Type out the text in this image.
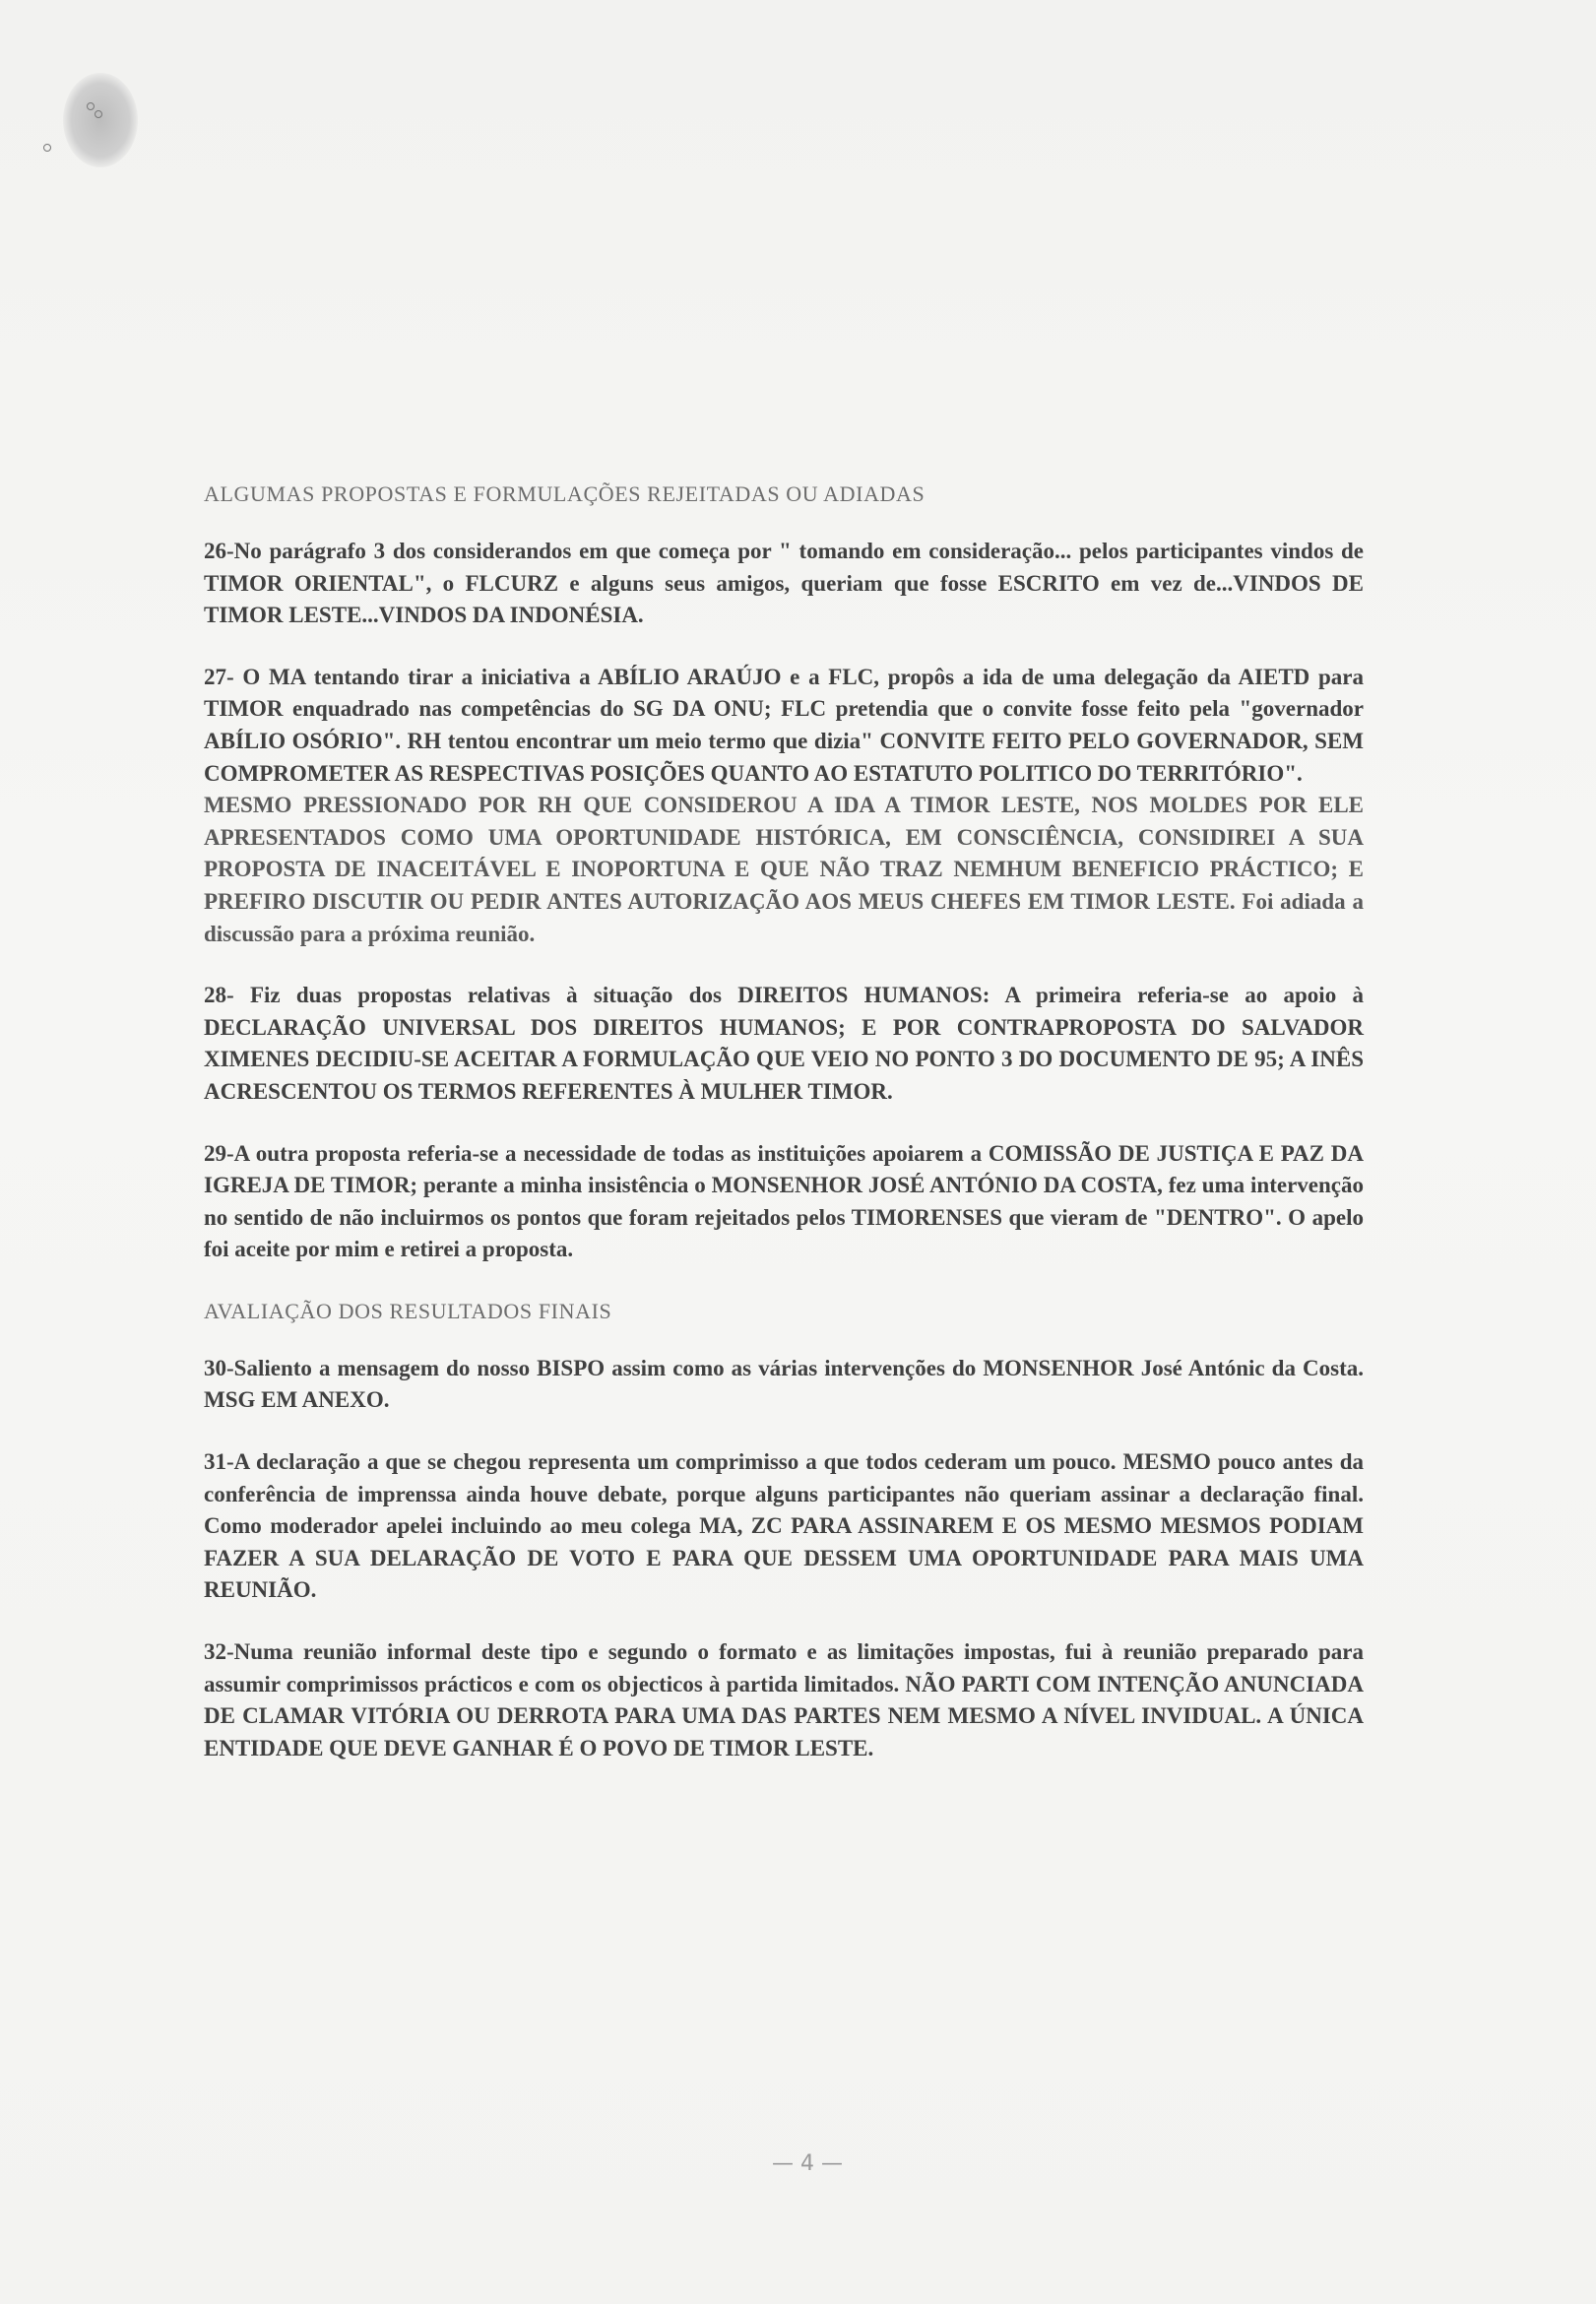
ALGUMAS PROPOSTAS E FORMULAÇÕES REJEITADAS OU ADIADAS

26-No parágrafo 3 dos considerandos em que começa por " tomando em consideração... pelos participantes vindos de TIMOR ORIENTAL", o FLCURZ e alguns seus amigos, queriam que fosse ESCRITO em vez de...VINDOS DE TIMOR LESTE...VINDOS DA INDONÉSIA.

27- O MA tentando tirar a iniciativa a ABÍLIO ARAÚJO e a FLC, propôs a ida de uma delegação da AIETD para TIMOR enquadrado nas competências do SG DA ONU; FLC pretendia que o convite fosse feito pela "governador ABÍLIO OSÓRIO". RH tentou encontrar um meio termo que dizia" CONVITE FEITO PELO GOVERNADOR, SEM COMPROMETER AS RESPECTIVAS POSIÇÕES QUANTO AO ESTATUTO POLITICO DO TERRITÓRIO".

MESMO PRESSIONADO POR RH QUE CONSIDEROU A IDA A TIMOR LESTE, NOS MOLDES POR ELE APRESENTADOS COMO UMA OPORTUNIDADE HISTÓRICA, EM CONSCIÊNCIA, CONSIDIREI A SUA PROPOSTA DE INACEITÁVEL E INOPORTUNA E QUE NÃO TRAZ NEMHUM BENEFICIO PRÁCTICO; E PREFIRO DISCUTIR OU PEDIR ANTES AUTORIZAÇÃO AOS MEUS CHEFES EM TIMOR LESTE. Foi adiada a discussão para a próxima reunião.

28- Fiz duas propostas relativas à situação dos DIREITOS HUMANOS: A primeira referia-se ao apoio à DECLARAÇÃO UNIVERSAL DOS DIREITOS HUMANOS; E POR CONTRAPROPOSTA DO SALVADOR XIMENES DECIDIU-SE ACEITAR A FORMULAÇÃO QUE VEIO NO PONTO 3 DO DOCUMENTO DE 95; A INÊS ACRESCENTOU OS TERMOS REFERENTES À MULHER TIMOR.

29-A outra proposta referia-se a necessidade de todas as instituições apoiarem a COMISSÃO DE JUSTIÇA E PAZ DA IGREJA DE TIMOR; perante a minha insistência o MONSENHOR JOSÉ ANTÓNIO DA COSTA, fez uma intervenção no sentido de não incluirmos os pontos que foram rejeitados pelos TIMORENSES que vieram de "DENTRO". O apelo foi aceite por mim e retirei a proposta.

AVALIAÇÃO DOS RESULTADOS FINAIS

30-Saliento a mensagem do nosso BISPO assim como as várias intervenções do MONSENHOR José Antónic da Costa. MSG EM ANEXO.

31-A declaração a que se chegou representa um comprimisso a que todos cederam um pouco. MESMO pouco antes da conferência de imprenssa ainda houve debate, porque alguns participantes não queriam assinar a declaração final. Como moderador apelei incluindo ao meu colega MA, ZC PARA ASSINAREM E OS MESMO MESMOS PODIAM FAZER A SUA DELARAÇÃO DE VOTO E PARA QUE DESSEM UMA OPORTUNIDADE PARA MAIS UMA REUNIÃO.

32-Numa reunião informal deste tipo e segundo o formato e as limitações impostas, fui à reunião preparado para assumir comprimissos prácticos e com os objecticos à partida limitados. NÃO PARTI COM INTENÇÃO ANUNCIADA DE CLAMAR VITÓRIA OU DERROTA PARA UMA DAS PARTES NEM MESMO A NÍVEL INVIDUAL. A ÚNICA ENTIDADE QUE DEVE GANHAR É O POVO DE TIMOR LESTE.

— 4 —
